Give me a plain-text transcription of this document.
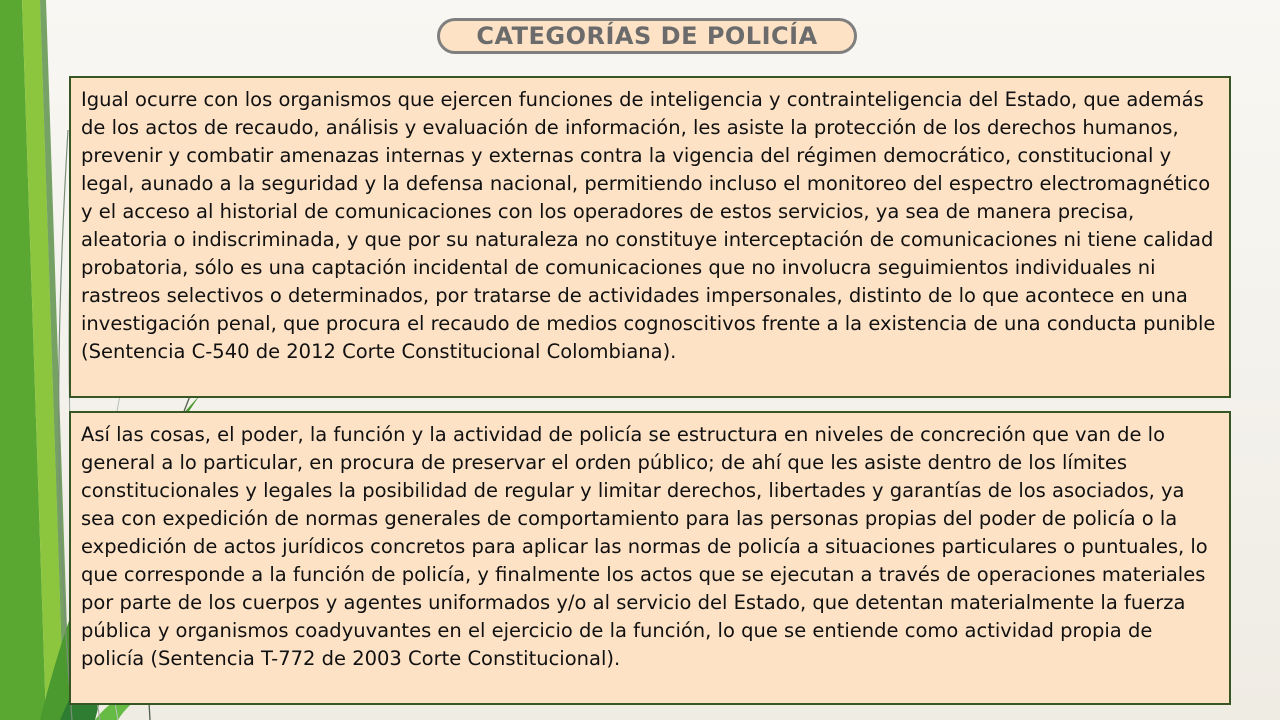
CATEGORÍAS DE POLICÍA
Igual ocurre con los organismos que ejercen funciones de inteligencia y contrainteligencia del Estado, que además de los actos de recaudo, análisis y evaluación de información, les asiste la protección de los derechos humanos, prevenir y combatir amenazas internas y externas contra la vigencia del régimen democrático, constitucional y legal, aunado a la seguridad y la defensa nacional, permitiendo incluso el monitoreo del espectro electromagnético y el acceso al historial de comunicaciones con los operadores de estos servicios, ya sea de manera precisa, aleatoria o indiscriminada, y que por su naturaleza no constituye interceptación de comunicaciones ni tiene calidad probatoria, sólo es una captación incidental de comunicaciones que no involucra seguimientos individuales ni rastreos selectivos o determinados, por tratarse de actividades impersonales, distinto de lo que acontece en una investigación penal, que procura el recaudo de medios cognoscitivos frente a la existencia de una conducta punible (Sentencia C-540 de 2012 Corte Constitucional Colombiana).
Así las cosas, el poder, la función y la actividad de policía se estructura en niveles de concreción que van de lo general a lo particular, en procura de preservar el orden público; de ahí que les asiste dentro de los límites constitucionales y legales la posibilidad de regular y limitar derechos, libertades y garantías de los asociados, ya sea con expedición de normas generales de comportamiento para las personas propias del poder de policía o la expedición de actos jurídicos concretos para aplicar las normas de policía a situaciones particulares o puntuales, lo que corresponde a la función de policía, y finalmente los actos que se ejecutan a través de operaciones materiales por parte de los cuerpos y agentes uniformados y/o al servicio del Estado, que detentan materialmente la fuerza pública y organismos coadyuvantes en el ejercicio de la función, lo que se entiende como actividad propia de policía (Sentencia T-772 de 2003 Corte Constitucional).
